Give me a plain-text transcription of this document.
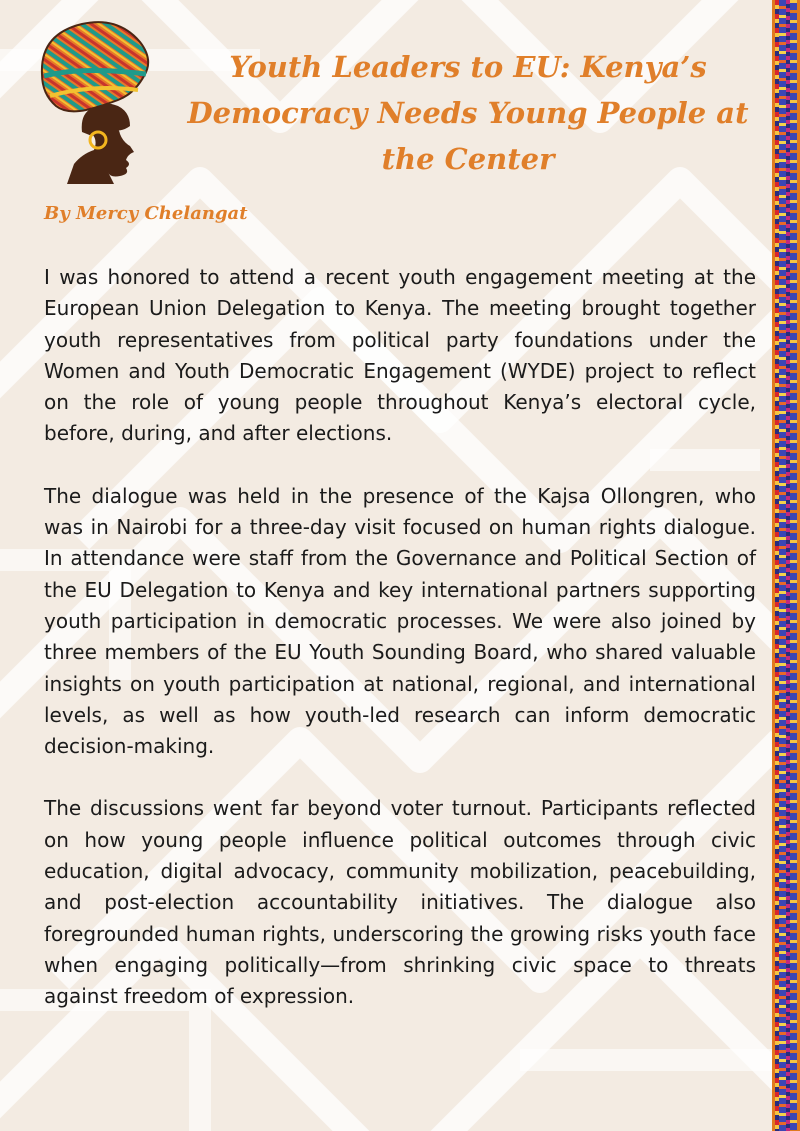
Youth Leaders to EU: Kenya’s Democracy Needs Young People at the Center

By Mercy Chelangat

I was honored to attend a recent youth engagement meeting at the European Union Delegation to Kenya. The meeting brought together youth representatives from political party foundations under the Women and Youth Democratic Engagement (WYDE) project to reflect on the role of young people throughout Kenya’s electoral cycle, before, during, and after elections.

The dialogue was held in the presence of the Kajsa Ollongren, who was in Nairobi for a three-day visit focused on human rights dialogue. In attendance were staff from the Governance and Political Section of the EU Delegation to Kenya and key international partners supporting youth participation in democratic processes. We were also joined by three members of the EU Youth Sounding Board, who shared valuable insights on youth participation at national, regional, and international levels, as well as how youth-led research can inform democratic decision-making.

The discussions went far beyond voter turnout. Participants reflected on how young people influence political outcomes through civic education, digital advocacy, community mobilization, peacebuilding, and post-election accountability initiatives. The dialogue also foregrounded human rights, underscoring the growing risks youth face when engaging politically—from shrinking civic space to threats against freedom of expression.
